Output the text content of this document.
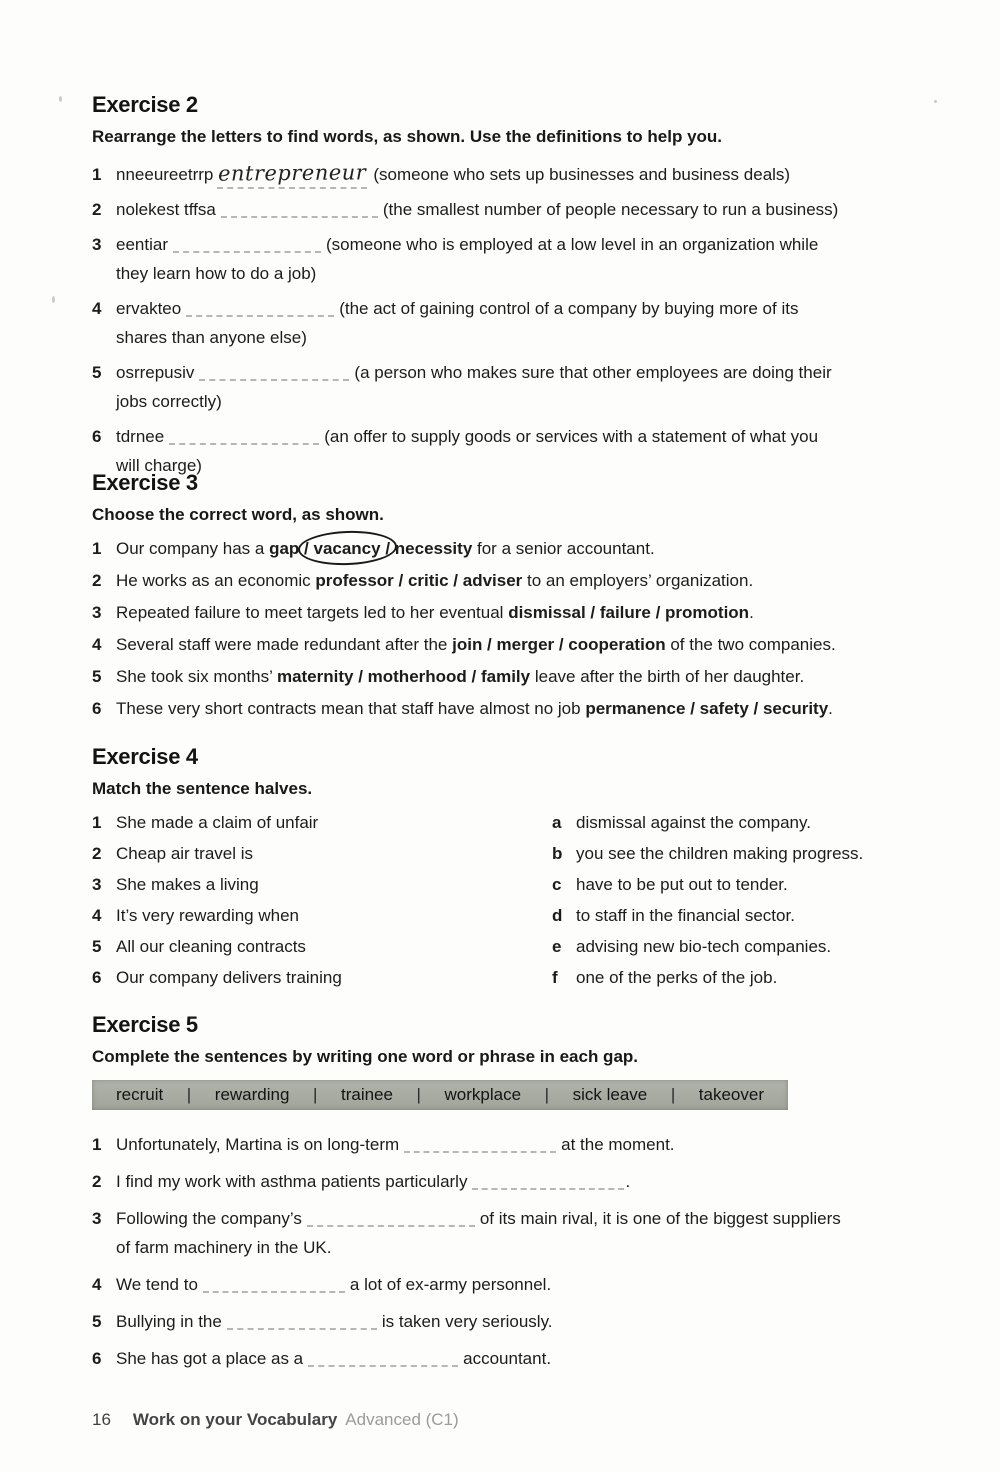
Exercise 2

Rearrange the letters to find words, as shown. Use the definitions to help you.

1 nneeureetrrp entrepreneur (someone who sets up businesses and business deals)
2 nolekest tffsa	(the smallest number of people necessary to run a business)
3 eentiar	(someone who is employed at a low level in an organization while
they learn how to do a job)
4 ervakteo	(the act of gaining control of a company by buying more of its
shares than anyone else)
5 osrrepusiv	(a person who makes sure that other employees are doing their
jobs correctly)
6 tdrnee	(an offer to supply goods or services with a statement of what you
will charge)
Exercise 3

Choose the correct word, as shown.

1 Our company has a gap / vacancy / necessity for a senior accountant.
2 He works as an economic professor / critic / adviser to an employers’ organization.
3 Repeated failure to meet targets led to her eventual dismissal / failure / promotion.
4 Several staff were made redundant after the join / merger / cooperation of the two companies.
5 She took six months’ maternity / motherhood / family leave after the birth of her daughter.
6 These very short contracts mean that staff have almost no job permanence / safety / security.
Exercise 4

Match the sentence halves.

1 She made a claim of unfair	a dismissal against the company.
2 Cheap air travel is	b you see the children making progress.
3 She makes a living	c have to be put out to tender.
4 It’s very rewarding when	d to staff in the financial sector.
5 All our cleaning contracts	e advising new bio-tech companies.
6 Our company delivers training	f one of the perks of the job.
Exercise 5

Complete the sentences by writing one word or phrase in each gap.

recruit | rewarding | trainee | workplace | sick leave | takeover
1 Unfortunately, Martina is on long-term	at the moment.
2 I find my work with asthma patients particularly	.
3 Following the company’s	of its main rival, it is one of the biggest suppliers
of farm machinery in the UK.
4 We tend to	a lot of ex-army personnel.
5 Bullying in the	is taken very seriously.
6 She has got a place as a	accountant.
16 Work on your Vocabulary Advanced (C1)
